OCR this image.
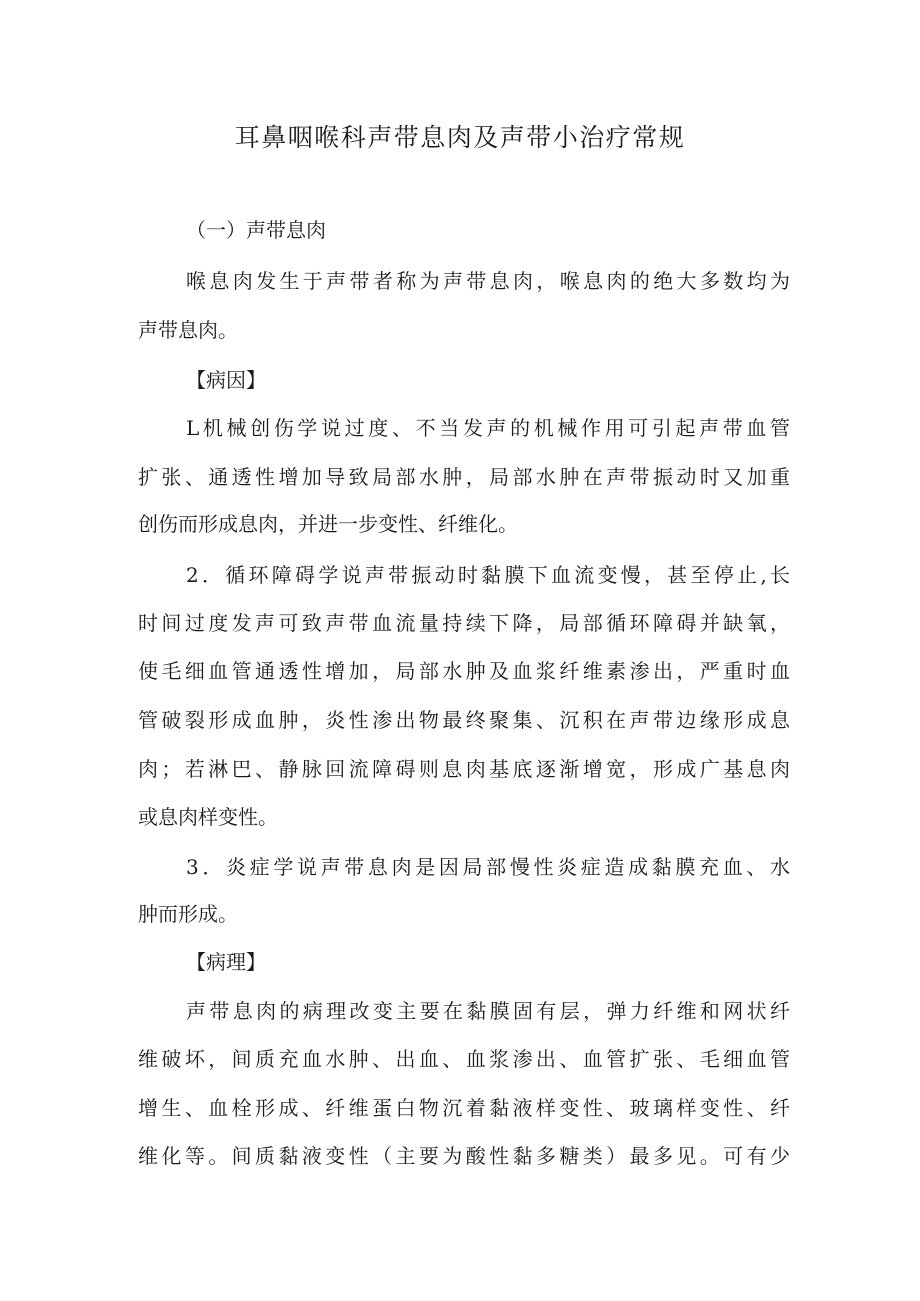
耳鼻咽喉科声带息肉及声带小治疗常规

（一）声带息肉

喉息肉发生于声带者称为声带息肉，喉息肉的绝大多数均为

声带息肉。

【病因】

L机械创伤学说过度、不当发声的机械作用可引起声带血管

扩张、通透性增加导致局部水肿，局部水肿在声带振动时又加重

创伤而形成息肉，并进一步变性、纤维化。

2．循环障碍学说声带振动时黏膜下血流变慢，甚至停止,长

时间过度发声可致声带血流量持续下降，局部循环障碍并缺氧，

使毛细血管通透性增加，局部水肿及血浆纤维素渗出，严重时血

管破裂形成血肿，炎性渗出物最终聚集、沉积在声带边缘形成息

肉；若淋巴、静脉回流障碍则息肉基底逐渐增宽，形成广基息肉

或息肉样变性。

3．炎症学说声带息肉是因局部慢性炎症造成黏膜充血、水

肿而形成。

【病理】

声带息肉的病理改变主要在黏膜固有层，弹力纤维和网状纤

维破坏，间质充血水肿、出血、血浆渗出、血管扩张、毛细血管

增生、血栓形成、纤维蛋白物沉着黏液样变性、玻璃样变性、纤

维化等。间质黏液变性（主要为酸性黏多糖类）最多见。可有少
